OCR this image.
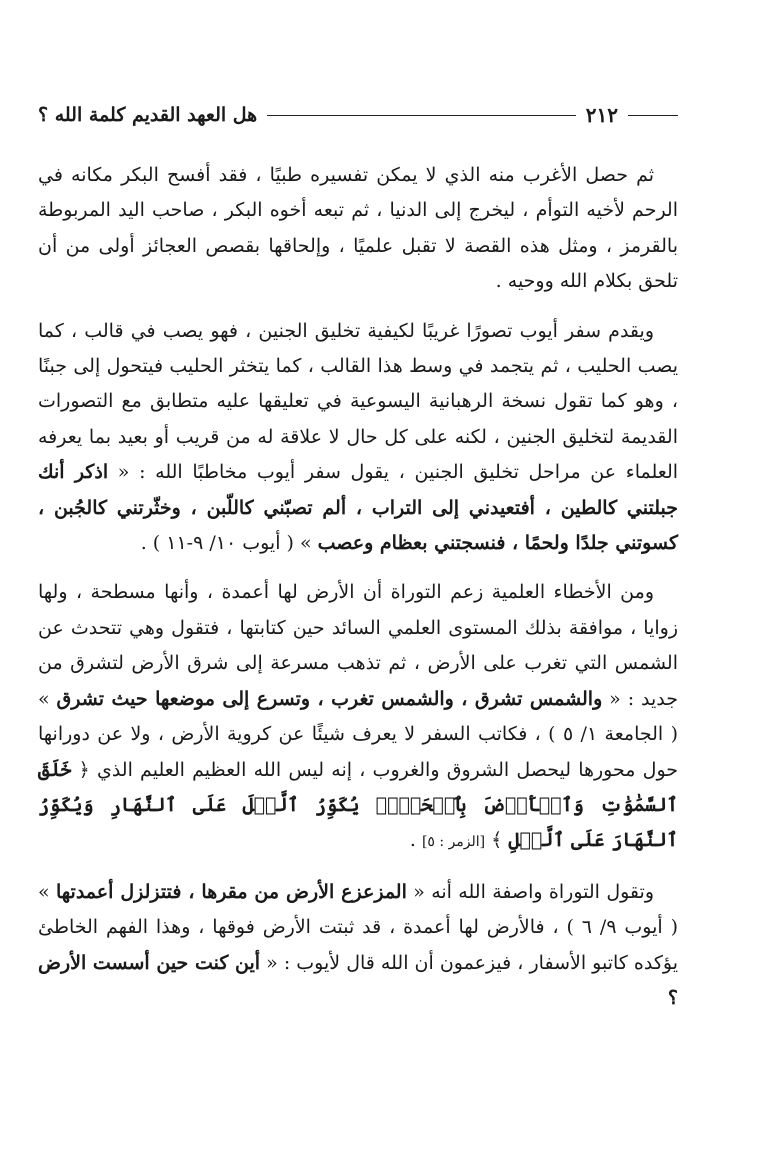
٢١٢
هل العهد القديم كلمة الله ؟

ثم حصل الأغرب منه الذي لا يمكن تفسيره طبيًا ، فقد أفسح البكر مكانه في الرحم لأخيه التوأم ، ليخرج إلى الدنيا ، ثم تبعه أخوه البكر ، صاحب اليد المربوطة بالقرمز ، ومثل هذه القصة لا تقبل علميًا ، وإلحاقها بقصص العجائز أولى من أن تلحق بكلام الله ووحيه .

ويقدم سفر أيوب تصورًا غريبًا لكيفية تخليق الجنين ، فهو يصب في قالب ، كما يصب الحليب ، ثم يتجمد في وسط هذا القالب ، كما يتخثر الحليب فيتحول إلى جبنًا ، وهو كما تقول نسخة الرهبانية اليسوعية في تعليقها عليه متطابق مع التصورات القديمة لتخليق الجنين ، لكنه على كل حال لا علاقة له من قريب أو بعيد بما يعرفه العلماء عن مراحل تخليق الجنين ، يقول سفر أيوب مخاطبًا الله : « اذكر أنك جبلتني كالطين ، أفتعيدني إلى التراب ، ألم تصبّني كاللّبن ، وخثّرتني كالجُبن ، كسوتني جلدًا ولحمًا ، فنسجتني بعظام وعصب » ( أيوب ١٠/ ٩-١١ ) .

ومن الأخطاء العلمية زعم التوراة أن الأرض لها أعمدة ، وأنها مسطحة ، ولها زوايا ، موافقة بذلك المستوى العلمي السائد حين كتابتها ، فتقول وهي تتحدث عن الشمس التي تغرب على الأرض ، ثم تذهب مسرعة إلى شرق الأرض لتشرق من جديد : « والشمس تشرق ، والشمس تغرب ، وتسرع إلى موضعها حيث تشرق » ( الجامعة ١/ ٥ ) ، فكاتب السفر لا يعرف شيئًا عن كروية الأرض ، ولا عن دورانها حول محورها ليحصل الشروق والغروب ، إنه ليس الله العظيم العليم الذي ﴿ خَلَقَ ٱلسَّمَٰوَٰتِ وَٱلۡأَرۡضَ بِٱلۡحَقِّۖ يُكَوِّرُ ٱلَّيۡلَ عَلَى ٱلنَّهَارِ وَيُكَوِّرُ ٱلنَّهَارَ عَلَى ٱلَّيۡلِ ﴾ [الزمر : ٥] .

وتقول التوراة واصفة الله أنه « المزعزع الأرض من مقرها ، فتتزلزل أعمدتها » ( أيوب ٩/ ٦ ) ، فالأرض لها أعمدة ، قد ثبتت الأرض فوقها ، وهذا الفهم الخاطئ يؤكده كاتبو الأسفار ، فيزعمون أن الله قال لأيوب : « أين كنت حين أسست الأرض ؟
